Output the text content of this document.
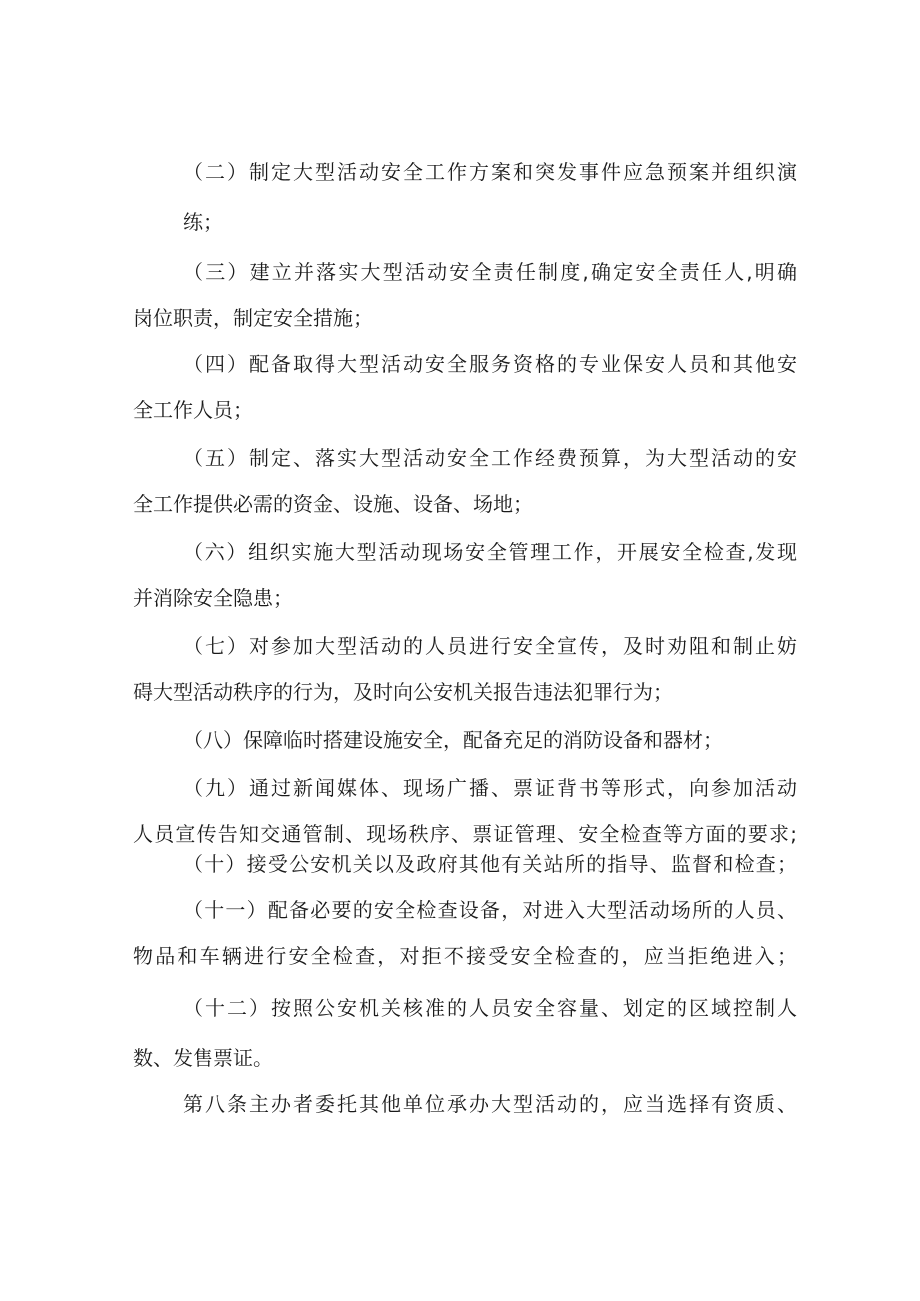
（二）制定大型活动安全工作方案和突发事件应急预案并组织演
练；
（三）建立并落实大型活动安全责任制度,确定安全责任人,明确
岗位职责，制定安全措施；
（四）配备取得大型活动安全服务资格的专业保安人员和其他安
全工作人员；
（五）制定、落实大型活动安全工作经费预算，为大型活动的安
全工作提供必需的资金、设施、设备、场地；
（六）组织实施大型活动现场安全管理工作，开展安全检查,发现
并消除安全隐患；
（七）对参加大型活动的人员进行安全宣传，及时劝阻和制止妨
碍大型活动秩序的行为，及时向公安机关报告违法犯罪行为；
（八）保障临时搭建设施安全，配备充足的消防设备和器材；
（九）通过新闻媒体、现场广播、票证背书等形式，向参加活动
人员宣传告知交通管制、现场秩序、票证管理、安全检查等方面的要求;
（十）接受公安机关以及政府其他有关站所的指导、监督和检查；
（十一）配备必要的安全检查设备，对进入大型活动场所的人员、
物品和车辆进行安全检查，对拒不接受安全检查的，应当拒绝进入；
（十二）按照公安机关核准的人员安全容量、划定的区域控制人
数、发售票证。
第八条主办者委托其他单位承办大型活动的，应当选择有资质、
